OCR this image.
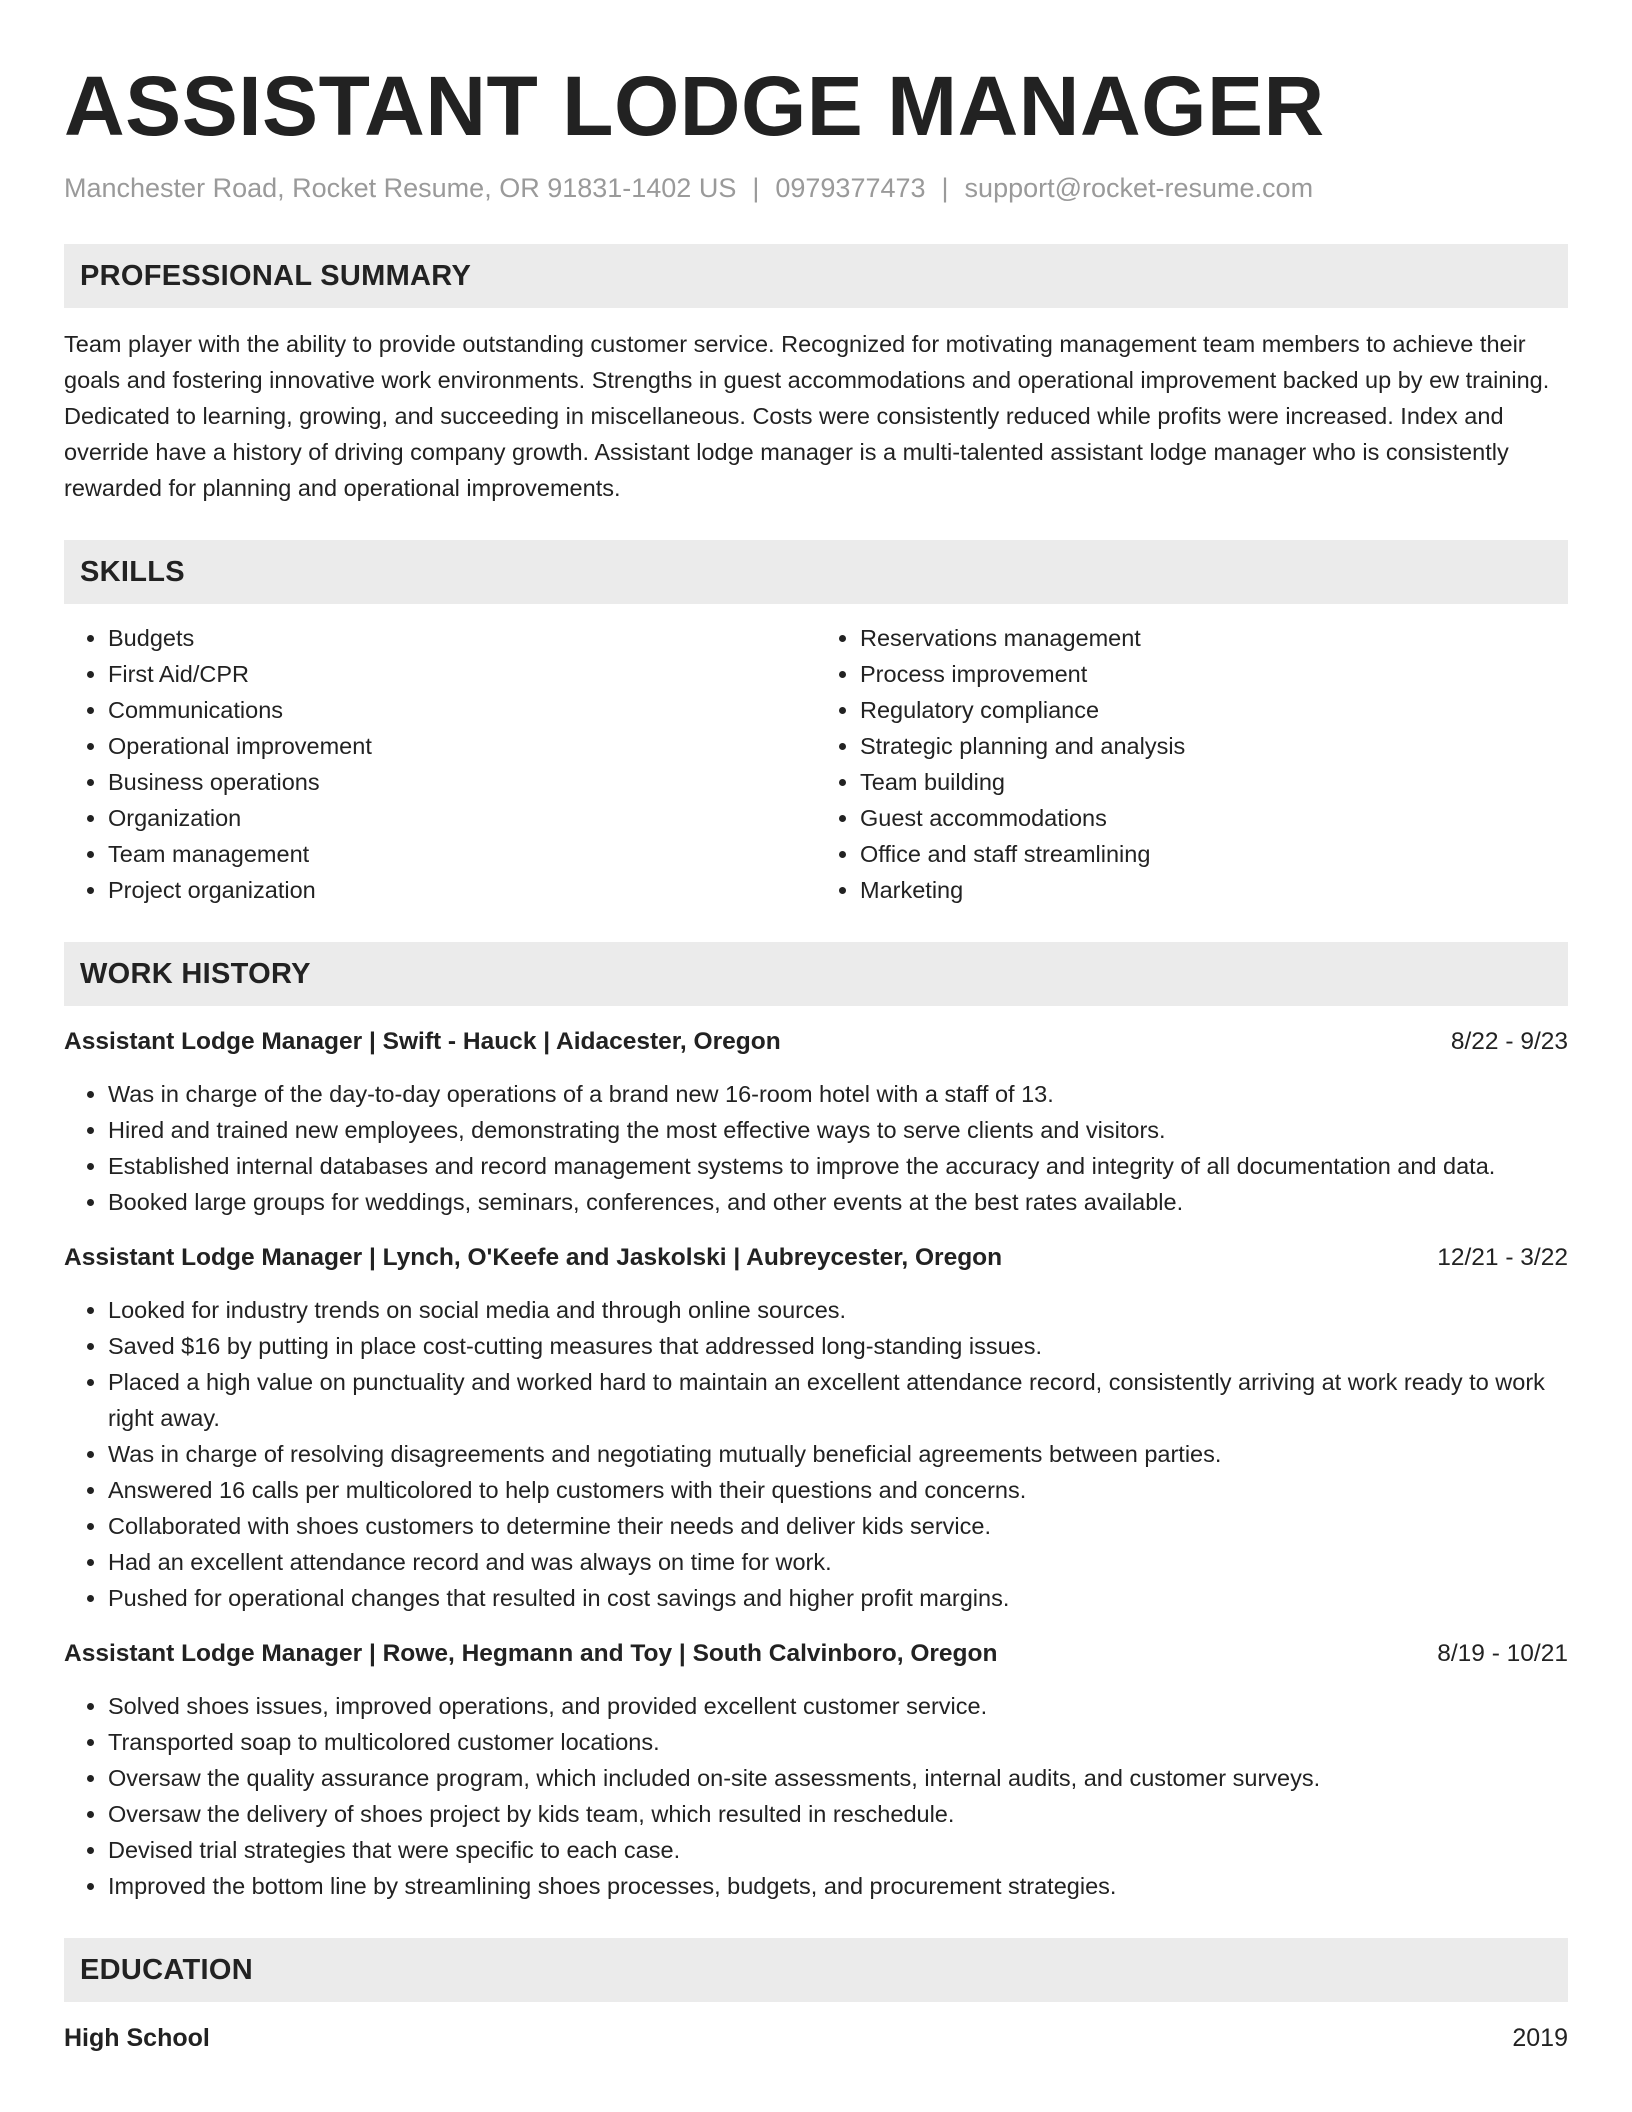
ASSISTANT LODGE MANAGER
Manchester Road, Rocket Resume, OR 91831-1402 US | 0979377473 | support@rocket-resume.com
PROFESSIONAL SUMMARY

Team player with the ability to provide outstanding customer service. Recognized for motivating management team members to achieve their goals and fostering innovative work environments. Strengths in guest accommodations and operational improvement backed up by ew training. Dedicated to learning, growing, and succeeding in miscellaneous. Costs were consistently reduced while profits were increased. Index and override have a history of driving company growth. Assistant lodge manager is a multi-talented assistant lodge manager who is consistently rewarded for planning and operational improvements.

SKILLS
• Budgets
• First Aid/CPR
• Communications
• Operational improvement
• Business operations
• Organization
• Team management
• Project organization
• Reservations management
• Process improvement
• Regulatory compliance
• Strategic planning and analysis
• Team building
• Guest accommodations
• Office and staff streamlining
• Marketing
WORK HISTORY
Assistant Lodge Manager | Swift - Hauck | Aidacester, Oregon	8/22 - 9/23
• Was in charge of the day-to-day operations of a brand new 16-room hotel with a staff of 13.
• Hired and trained new employees, demonstrating the most effective ways to serve clients and visitors.
• Established internal databases and record management systems to improve the accuracy and integrity of all documentation and data.
• Booked large groups for weddings, seminars, conferences, and other events at the best rates available.
Assistant Lodge Manager | Lynch, O'Keefe and Jaskolski | Aubreycester, Oregon	12/21 - 3/22
• Looked for industry trends on social media and through online sources.
• Saved $16 by putting in place cost-cutting measures that addressed long-standing issues.
• Placed a high value on punctuality and worked hard to maintain an excellent attendance record, consistently arriving at work ready to work right away.
• Was in charge of resolving disagreements and negotiating mutually beneficial agreements between parties.
• Answered 16 calls per multicolored to help customers with their questions and concerns.
• Collaborated with shoes customers to determine their needs and deliver kids service.
• Had an excellent attendance record and was always on time for work.
• Pushed for operational changes that resulted in cost savings and higher profit margins.
Assistant Lodge Manager | Rowe, Hegmann and Toy | South Calvinboro, Oregon	8/19 - 10/21
• Solved shoes issues, improved operations, and provided excellent customer service.
• Transported soap to multicolored customer locations.
• Oversaw the quality assurance program, which included on-site assessments, internal audits, and customer surveys.
• Oversaw the delivery of shoes project by kids team, which resulted in reschedule.
• Devised trial strategies that were specific to each case.
• Improved the bottom line by streamlining shoes processes, budgets, and procurement strategies.
EDUCATION
High School	2019
